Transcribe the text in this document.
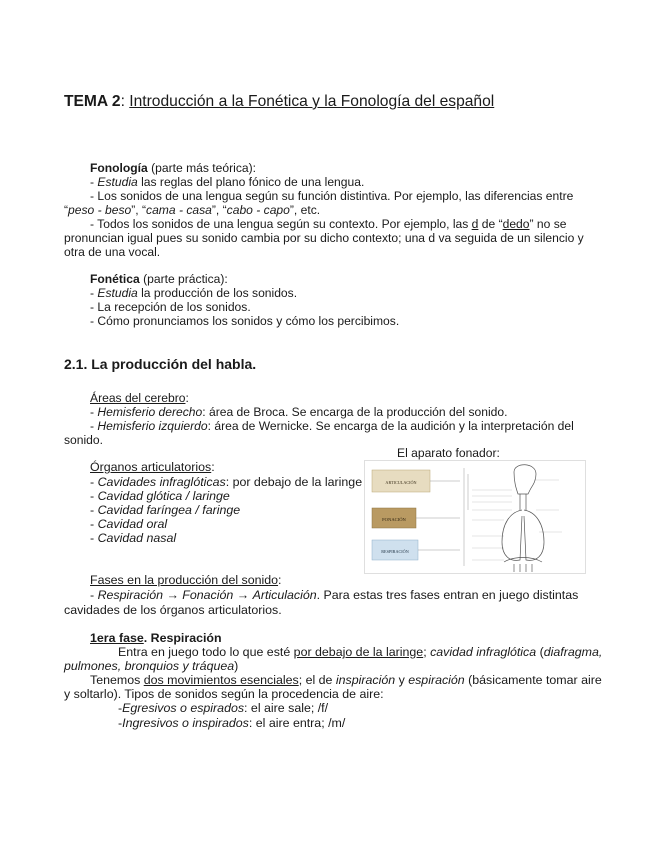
TEMA 2: Introducción a la Fonética y la Fonología del español
Fonología (parte más teórica):
- Estudia las reglas del plano fónico de una lengua.
- Los sonidos de una lengua según su función distintiva. Por ejemplo, las diferencias entre
“peso - beso”, “cama - casa”, “cabo - capo”, etc.
- Todos los sonidos de una lengua según su contexto. Por ejemplo, las d de “dedo” no se
pronuncian igual pues su sonido cambia por su dicho contexto; una d va seguida de un silencio y
otra de una vocal.
Fonética (parte práctica):
- Estudia la producción de los sonidos.
- La recepción de los sonidos.
- Cómo pronunciamos los sonidos y cómo los percibimos.
2.1. La producción del habla.
Áreas del cerebro:
- Hemisferio derecho: área de Broca. Se encarga de la producción del sonido.
- Hemisferio izquierdo: área de Wernicke. Se encarga de la audición y la interpretación del
sonido.
El aparato fonador:
Órganos articulatorios:
- Cavidades infraglóticas: por debajo de la laringe
- Cavidad glótica / laringe
- Cavidad faríngea / faringe
- Cavidad oral
- Cavidad nasal
ARTICULACIÓN
FONACIÓN
RESPIRACIÓN
Fases en la producción del sonido:
- Respiración → Fonación → Articulación. Para estas tres fases entran en juego distintas
cavidades de los órganos articulatorios.
1era fase. Respiración
Entra en juego todo lo que esté por debajo de la laringe; cavidad infraglótica (diafragma,
pulmones, bronquios y tráquea)
Tenemos dos movimientos esenciales; el de inspiración y espiración (básicamente tomar aire
y soltarlo). Tipos de sonidos según la procedencia de aire:
-Egresivos o espirados: el aire sale; /f/
-Ingresivos o inspirados: el aire entra; /m/
